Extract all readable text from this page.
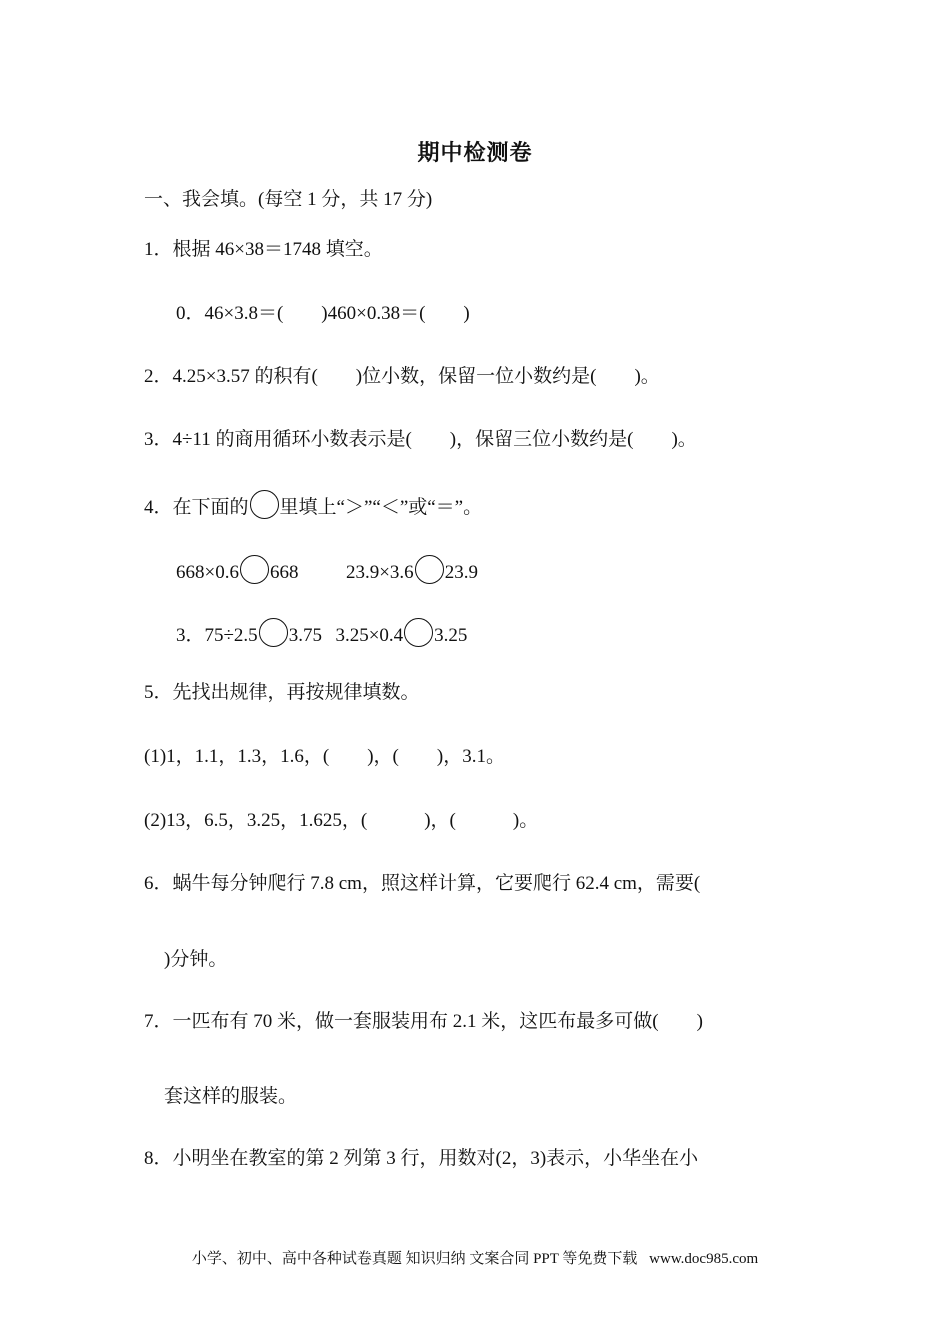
期中检测卷
一、我会填。(每空 1 分，共 17 分)
1．根据 46×38＝1748 填空。
0．46×3.8＝(　　)460×0.38＝(　　)
2．4.25×3.57 的积有(　　)位小数，保留一位小数约是(　　)。
3．4÷11 的商用循环小数表示是(　　)，保留三位小数约是(　　)。
4．在下面的 里填上“＞”“＜”或“＝”。
668×0.6 668	23.9×3.6 23.9
3．75÷2.5 3.75 3.25×0.4 3.25
5．先找出规律，再按规律填数。
(1)1，1.1，1.3，1.6，(　　)，(　　)，3.1。
(2)13，6.5，3.25，1.625，(　　　)，(　　　)。
6．蜗牛每分钟爬行 7.8 cm，照这样计算，它要爬行 62.4 cm，需要(
)分钟。
7．一匹布有 70 米，做一套服装用布 2.1 米，这匹布最多可做(　　)
套这样的服装。
8．小明坐在教室的第 2 列第 3 行，用数对(2，3)表示，小华坐在小
小学、初中、高中各种试卷真题 知识归纳 文案合同 PPT 等免费下载 www.doc985.com
